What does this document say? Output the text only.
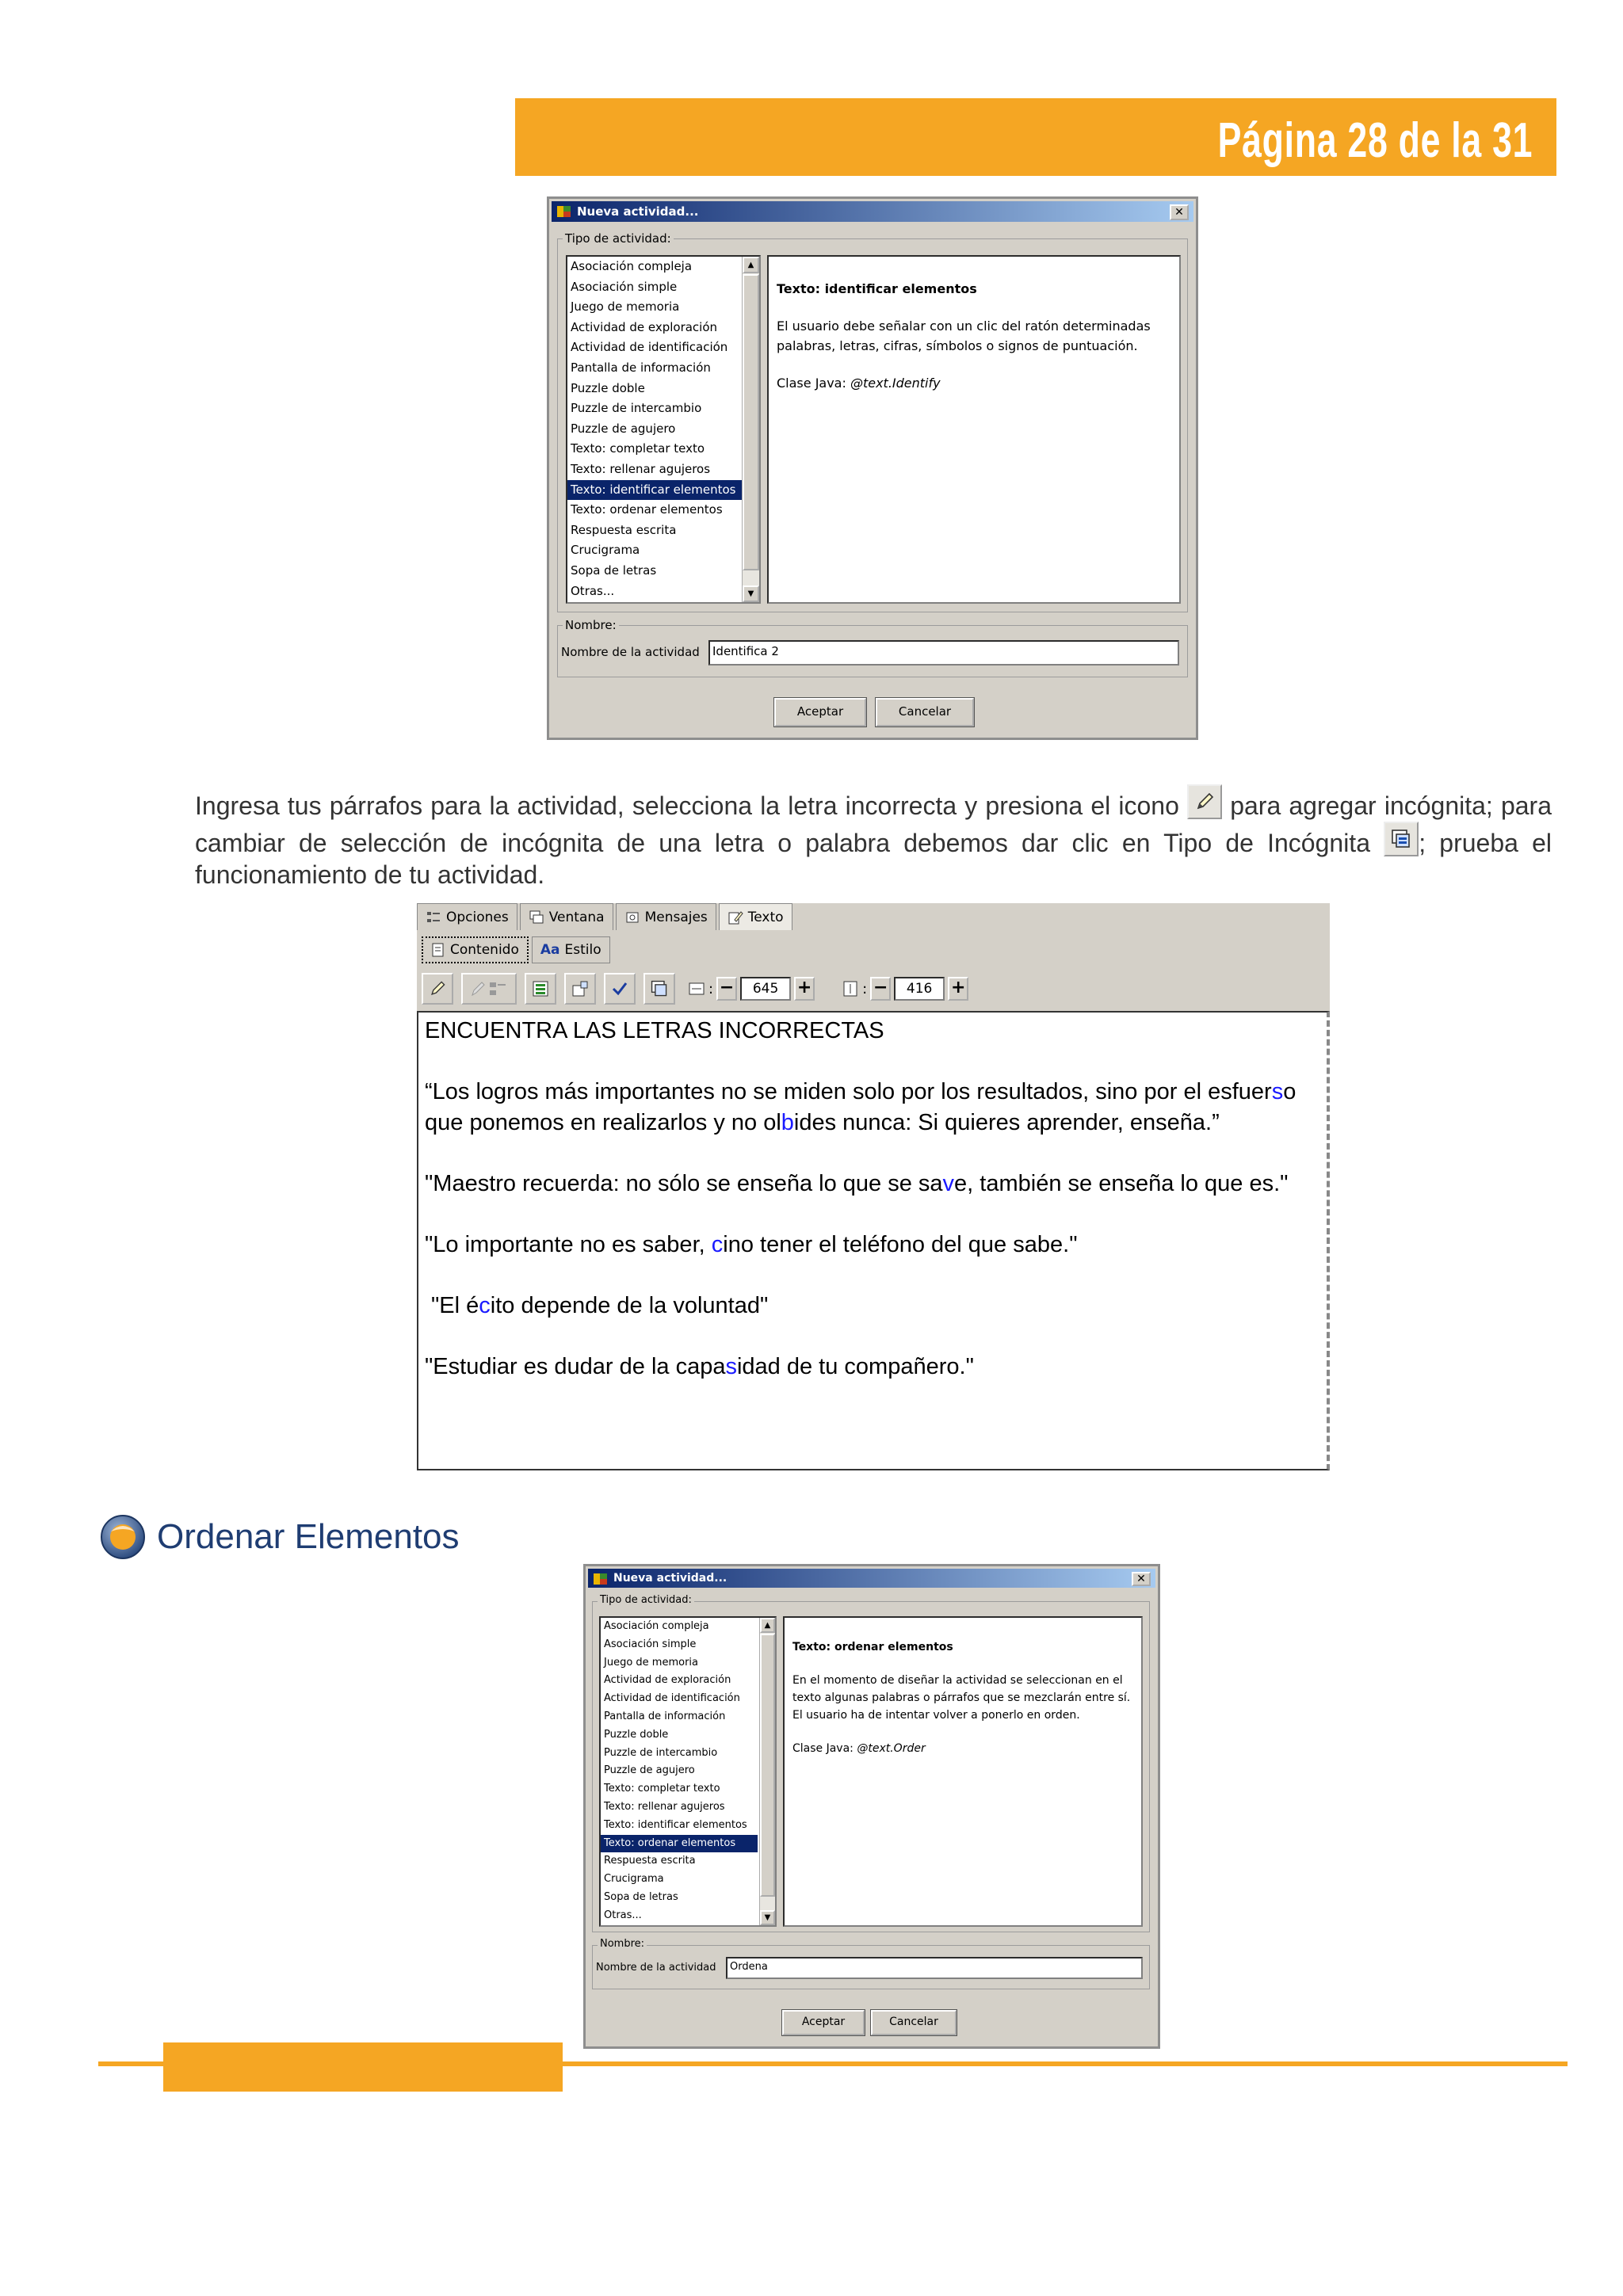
Página 28 de la 31
Nueva actividad...	✕
Tipo de actividad:
Asociación compleja
Asociación simple
Juego de memoria
Actividad de exploración
Actividad de identificación
Pantalla de información
Puzzle doble
Puzzle de intercambio
Puzzle de agujero
Texto: completar texto
Texto: rellenar agujeros
Texto: identificar elementos
Texto: ordenar elementos
Respuesta escrita
Crucigrama
Sopa de letras
Otras...
▲
▼
Texto: identificar elementos
El usuario debe señalar con un clic del ratón determinadas palabras, letras, cifras, símbolos o signos de puntuación.
Clase Java: @text.Identify
Nombre:
Nombre de la actividad	Identifica 2
Aceptar	Cancelar
Ingresa tus párrafos para la actividad, selecciona la letra incorrecta y presiona el icono
para agregar incógnita; para cambiar de selección de incógnita de una letra o palabra debemos dar clic en Tipo de Incógnita
; prueba el funcionamiento de tu actividad.
Opciones	Ventana	Mensajes	Texto
Contenido Aa Estilo
: −	645	+	: −	416	+

ENCUENTRA LAS LETRAS INCORRECTAS

“Los logros más importantes no se miden solo por los resultados, sino por el esfuerso que ponemos en realizarlos y no olbides nunca: Si quieres aprender, enseña.”

"Maestro recuerda: no sólo se enseña lo que se save, también se enseña lo que es."

"Lo importante no es saber, cino tener el teléfono del que sabe."

"El écito depende de la voluntad"

"Estudiar es dudar de la capasidad de tu compañero."

Ordenar Elementos
Nueva actividad...	✕
Tipo de actividad:
Asociación compleja
Asociación simple
Juego de memoria
Actividad de exploración
Actividad de identificación
Pantalla de información
Puzzle doble
Puzzle de intercambio
Puzzle de agujero
Texto: completar texto
Texto: rellenar agujeros
Texto: identificar elementos
Texto: ordenar elementos
Respuesta escrita
Crucigrama
Sopa de letras
Otras...
▲
▼
Texto: ordenar elementos
En el momento de diseñar la actividad se seleccionan en el texto algunas palabras o párrafos que se mezclarán entre sí. El usuario ha de intentar volver a ponerlo en orden.
Clase Java: @text.Order
Nombre:
Nombre de la actividad	Ordena
Aceptar	Cancelar
